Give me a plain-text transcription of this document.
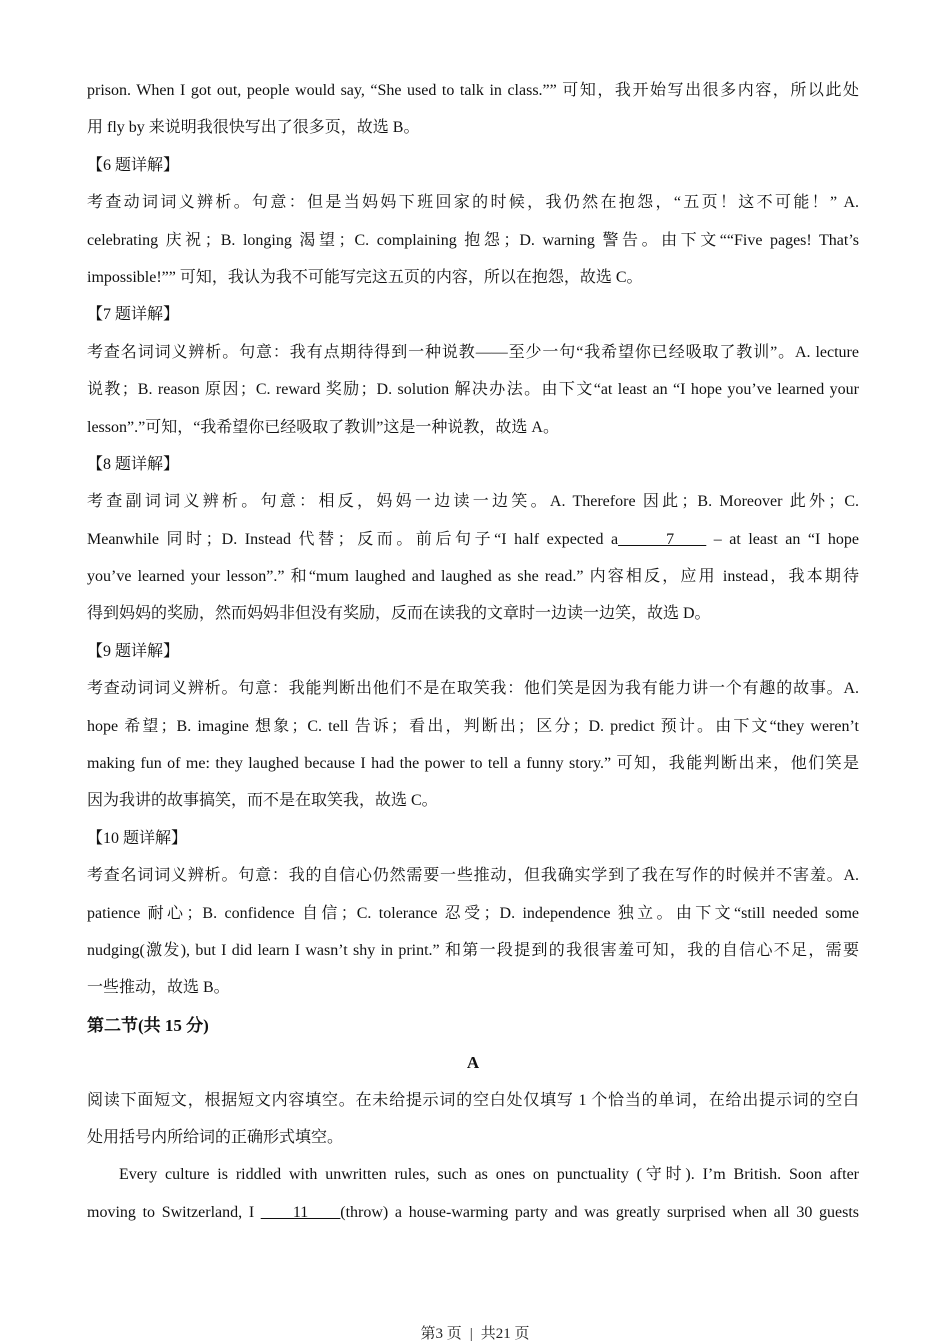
prison. When I got out, people would say, “She used to talk in class.”” 可知，我开始写出很多内容，所以此处
用 fly by 来说明我很快写出了很多页，故选 B。
【6 题详解】
考查动词词义辨析。句意：但是当妈妈下班回家的时候，我仍然在抱怨，“五页！这不可能！” A.
celebrating 庆祝；B. longing 渴望；C. complaining 抱怨；D. warning 警告。由下文““Five pages! That’s
impossible!”” 可知，我认为我不可能写完这五页的内容，所以在抱怨，故选 C。
【7 题详解】
考查名词词义辨析。句意：我有点期待得到一种说教——至少一句“我希望你已经吸取了教训”。A. lecture
说教；B. reason 原因；C. reward 奖励；D. solution 解决办法。由下文“at least an “I hope you’ve learned your
lesson”.”可知，“我希望你已经吸取了教训”这是一种说教，故选 A。
【8 题详解】
考查副词词义辨析。句意：相反，妈妈一边读一边笑。A. Therefore 因此；B. Moreover 此外；C.
Meanwhile 同时；D. Instead 代替；反而。前后句子“I half expected a______7____ – at least an “I hope
you’ve learned your lesson”.” 和“mum laughed and laughed as she read.” 内容相反，应用 instead，我本期待
得到妈妈的奖励，然而妈妈非但没有奖励，反而在读我的文章时一边读一边笑，故选 D。
【9 题详解】
考查动词词义辨析。句意：我能判断出他们不是在取笑我：他们笑是因为我有能力讲一个有趣的故事。A.
hope 希望；B. imagine 想象；C. tell 告诉；看出，判断出；区分；D. predict 预计。由下文“they weren’t
making fun of me: they laughed because I had the power to tell a funny story.” 可知，我能判断出来，他们笑是
因为我讲的故事搞笑，而不是在取笑我，故选 C。
【10 题详解】
考查名词词义辨析。句意：我的自信心仍然需要一些推动，但我确实学到了我在写作的时候并不害羞。A.
patience 耐心；B. confidence 自信；C. tolerance 忍受；D. independence 独立。由下文“still needed some
nudging(激发), but I did learn I wasn’t shy in print.” 和第一段提到的我很害羞可知，我的自信心不足，需要
一些推动，故选 B。
第二节(共 15 分)
A
阅读下面短文，根据短文内容填空。在未给提示词的空白处仅填写 1 个恰当的单词，在给出提示词的空白
处用括号内所给词的正确形式填空。
Every culture is riddled with unwritten rules, such as ones on punctuality (守时). I’m British. Soon after
moving to Switzerland, I ____11____(throw) a house-warming party and was greatly surprised when all 30 guests
第3 页 | 共21 页
